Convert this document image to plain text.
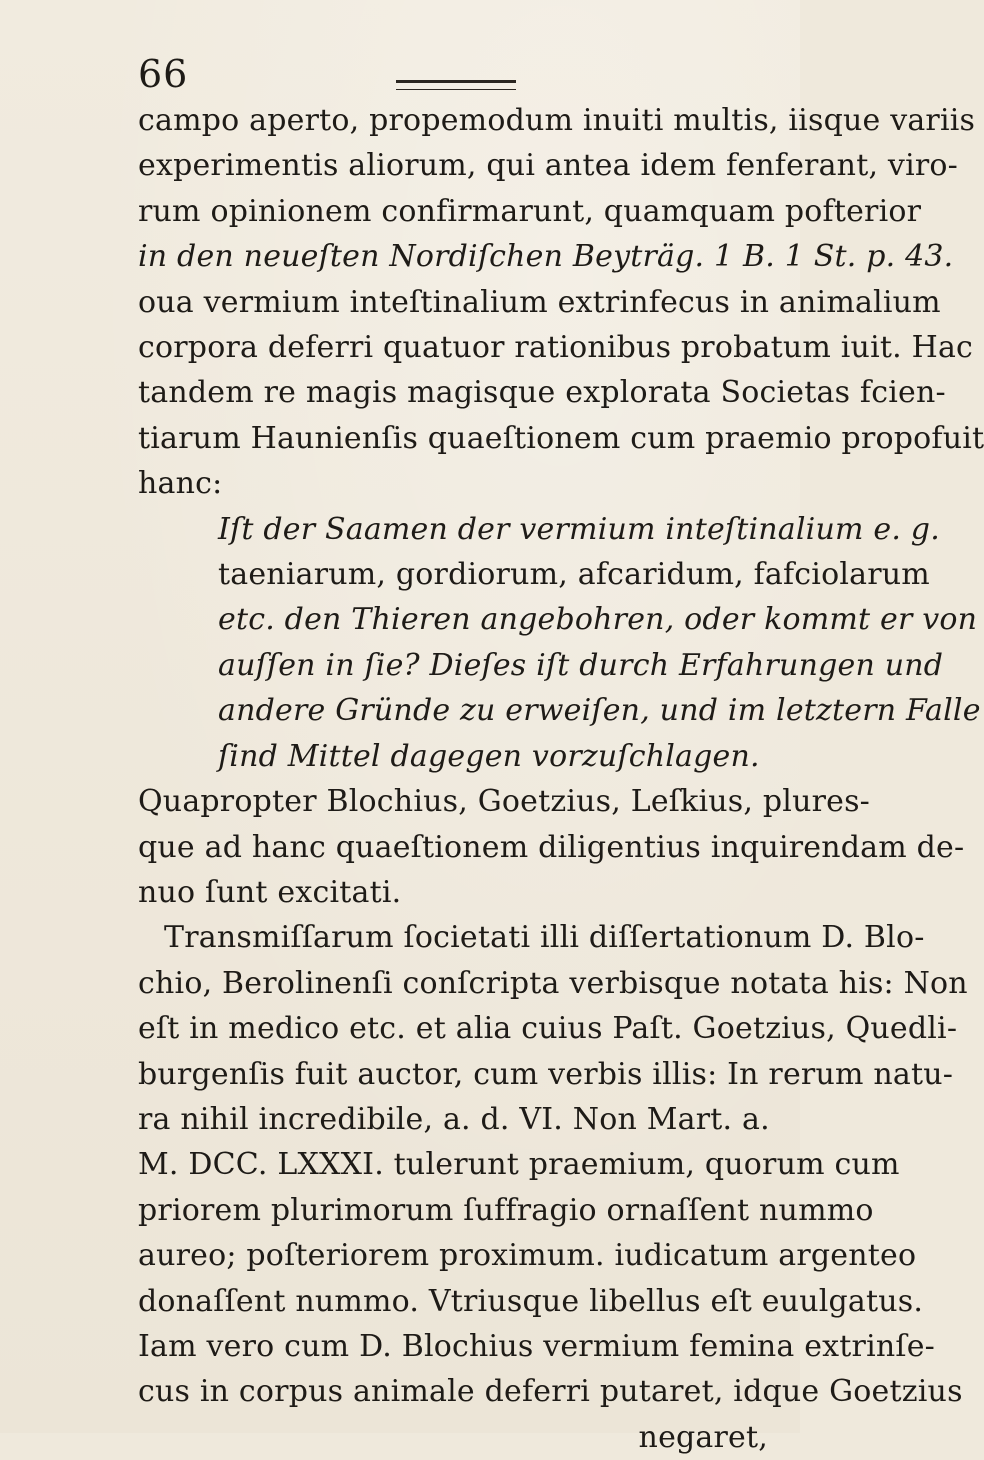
66
campo aperto, propemodum inuiti multis, iisque variis
experimentis aliorum, qui antea idem fenferant, viro-
rum opinionem confirmarunt, quamquam pofterior
in den neueſten Nordiſchen Beytrӓg. 1 B. 1 St. p. 43.
oua vermium inteſtinalium extrinfecus in animalium
corpora deferri quatuor rationibus probatum iuit. Hac
tandem re magis magisque explorata Societas fcien-
tiarum Haunienſis quaeſtionem cum praemio propofuit
hanc:
Iſt der Saamen der vermium inteſtinalium e. g.
taeniarum, gordiorum, afcaridum, fafciolarum
etc. den Thieren angebohren, oder kommt er von
auſſen in ſie? Dieſes iſt durch Erfahrungen und
andere Gründe zu erweiſen, und im letztern Falle
ſind Mittel dagegen vorzuſchlagen.
Quapropter Blochius, Goetzius, Leſkius, plures-
que ad hanc quaeſtionem diligentius inquirendam de-
nuo ſunt excitati.
Transmiſſarum ſocietati illi diſſertationum D. Blo-
chio, Berolinenſi conſcripta verbisque notata his: Non
eſt in medico etc. et alia cuius Paſt. Goetzius, Quedli-
burgenſis fuit auctor, cum verbis illis: In rerum natu-
ra nihil incredibile, a. d. VI. Non Mart. a.
M. DCC. LXXXI. tulerunt praemium, quorum cum
priorem plurimorum ſuffragio ornaſſent nummo
aureo; poſteriorem proximum. iudicatum argenteo
donaſſent nummo. Vtriusque libellus eſt euulgatus.
Iam vero cum D. Blochius vermium femina extrinſe-
cus in corpus animale deferri putaret, idque Goetzius
negaret,
